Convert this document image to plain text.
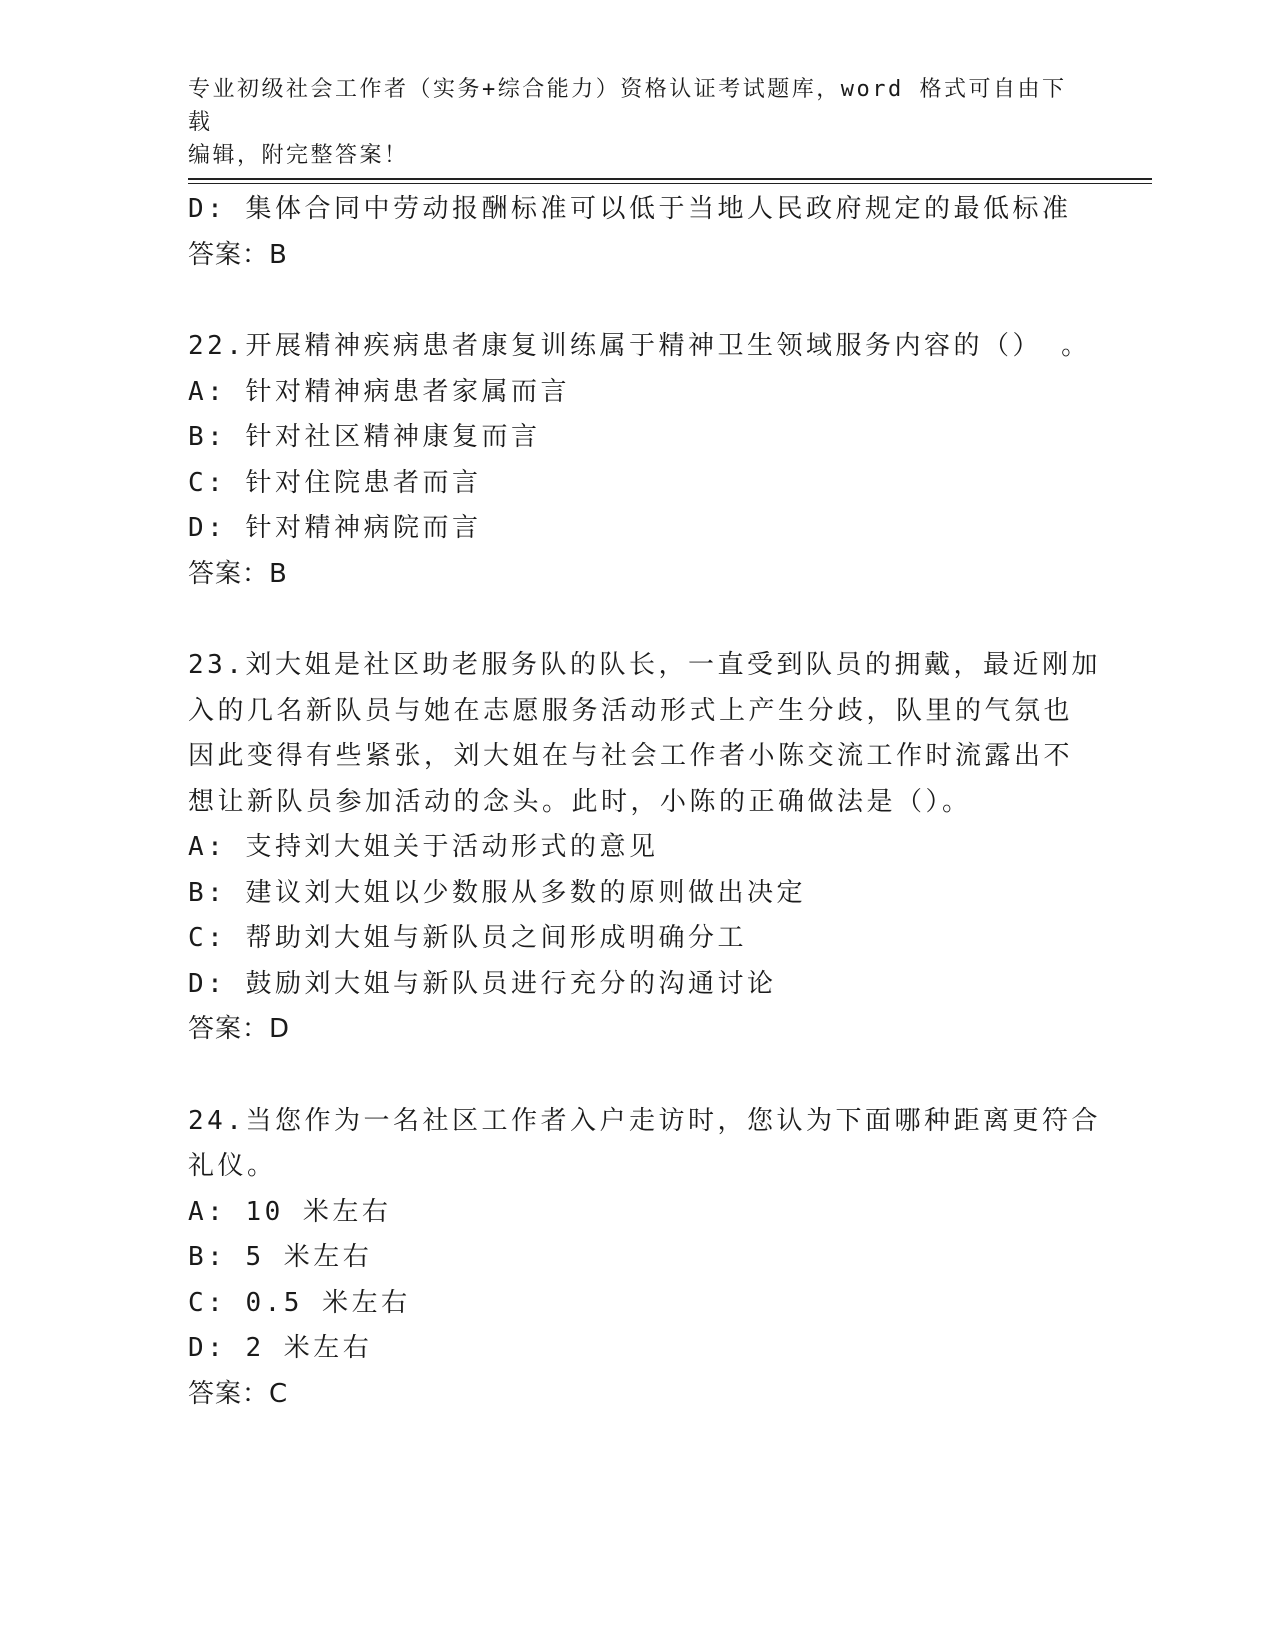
专业初级社会工作者（实务+综合能力）资格认证考试题库，word 格式可自由下载
编辑，附完整答案！
D: 集体合同中劳动报酬标准可以低于当地人民政府规定的最低标准
答案：B
22.开展精神疾病患者康复训练属于精神卫生领域服务内容的（） 。
A: 针对精神病患者家属而言
B: 针对社区精神康复而言
C: 针对住院患者而言
D: 针对精神病院而言
答案：B
23.刘大姐是社区助老服务队的队长，一直受到队员的拥戴，最近刚加
入的几名新队员与她在志愿服务活动形式上产生分歧，队里的气氛也
因此变得有些紧张，刘大姐在与社会工作者小陈交流工作时流露出不
想让新队员参加活动的念头。此时，小陈的正确做法是（）。
A: 支持刘大姐关于活动形式的意见
B: 建议刘大姐以少数服从多数的原则做出决定
C: 帮助刘大姐与新队员之间形成明确分工
D: 鼓励刘大姐与新队员进行充分的沟通讨论
答案：D
24.当您作为一名社区工作者入户走访时，您认为下面哪种距离更符合
礼仪。
A: 10 米左右
B: 5 米左右
C: 0.5 米左右
D: 2 米左右
答案：C
